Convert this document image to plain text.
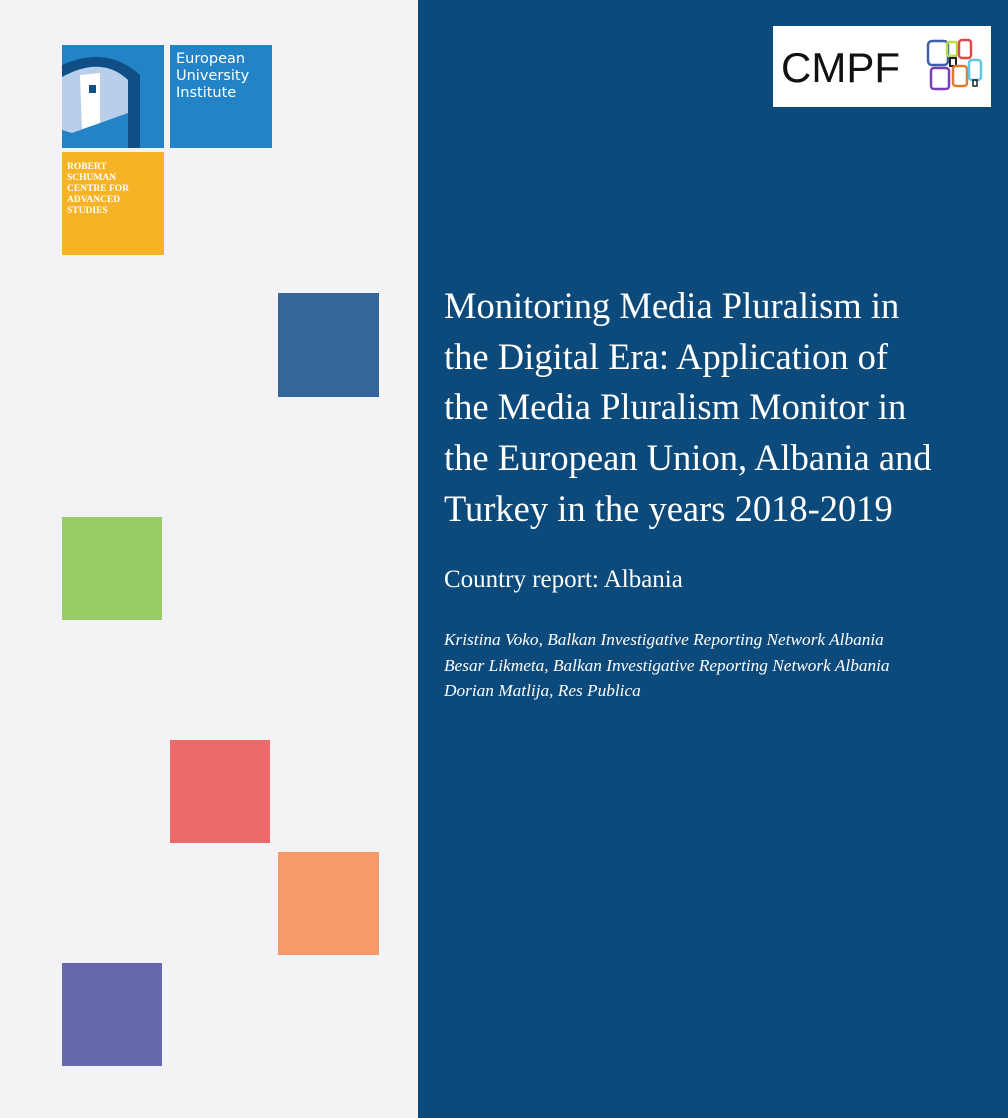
European
University
Institute
ROBERT
SCHUMAN
CENTRE FOR
ADVANCED
STUDIES
CMPF
Monitoring Media Pluralism in
the Digital Era: Application of
the Media Pluralism Monitor in
the European Union, Albania and
Turkey in the years 2018-2019
Country report: Albania
Kristina Voko, Balkan Investigative Reporting Network Albania
Besar Likmeta, Balkan Investigative Reporting Network Albania
Dorian Matlija, Res Publica
